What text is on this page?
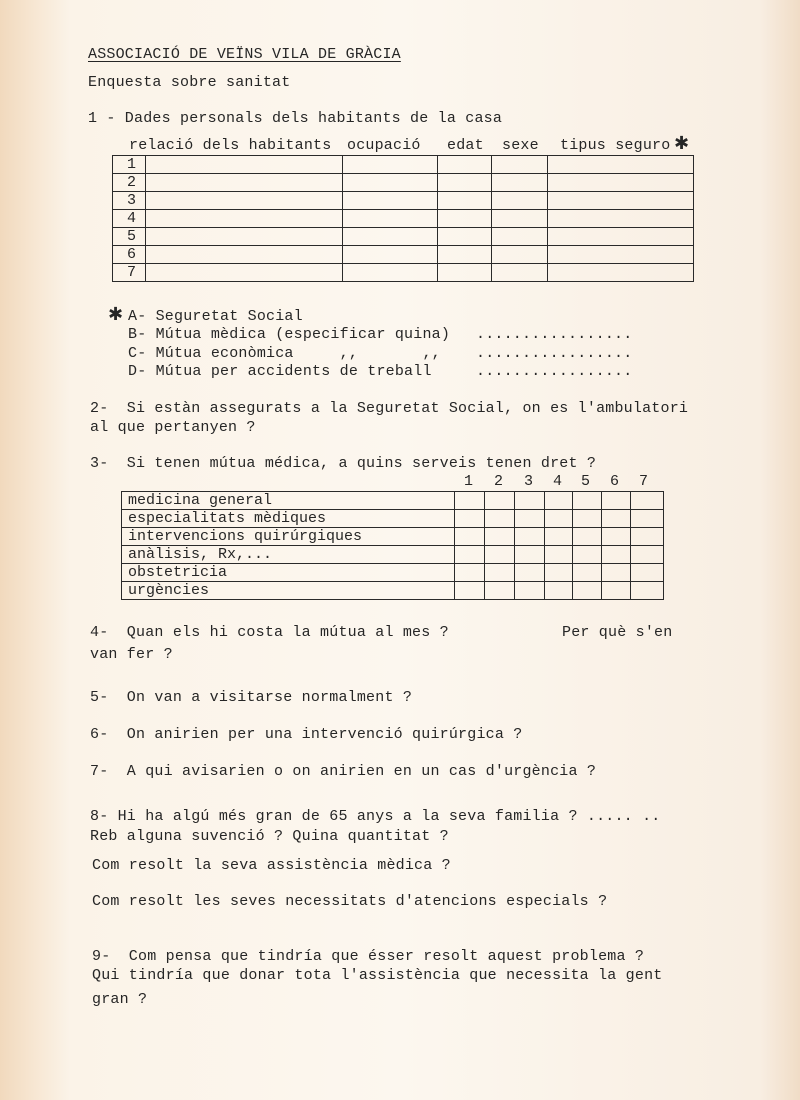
ASSOCIACIÓ DE VEÏNS VILA DE GRÀCIA
Enquesta sobre sanitat
1 - Dades personals dels habitants de la casa
relació dels habitants ocupació edat sexe tipus seguro ✱
1					
2					
3					
4					
5					
6					
7					
✱ A- Seguretat Social
B- Mútua mèdica (especificar quina) .................
C- Mútua econòmica     ,,       ,, .................
D- Mútua per accidents de treball	.................
2-  Si estàn assegurats a la Seguretat Social, on es l'ambulatori
al que pertanyen ?
3-  Si tenen mútua médica, a quins serveis tenen dret ?
1 2 3 4 5 6 7
medicina general							
especialitats mèdiques							
intervencions quirúrgiques							
anàlisis, Rx,...							
obstetricia							
urgències							
4-  Quan els hi costa la mútua al mes ?	Per què s'en
van fer ?
5-  On van a visitarse normalment ?
6-  On anirien per una intervenció quirúrgica ?
7-  A qui avisarien o on anirien en un cas d'urgència ?
8- Hi ha algú més gran de 65 anys a la seva familia ? ..... ..
Reb alguna suvenció ? Quina quantitat ?
Com resolt la seva assistència mèdica ?
Com resolt les seves necessitats d'atencions especials ?
9-  Com pensa que tindría que ésser resolt aquest problema ?
Qui tindría que donar tota l'assistència que necessita la gent
gran ?
